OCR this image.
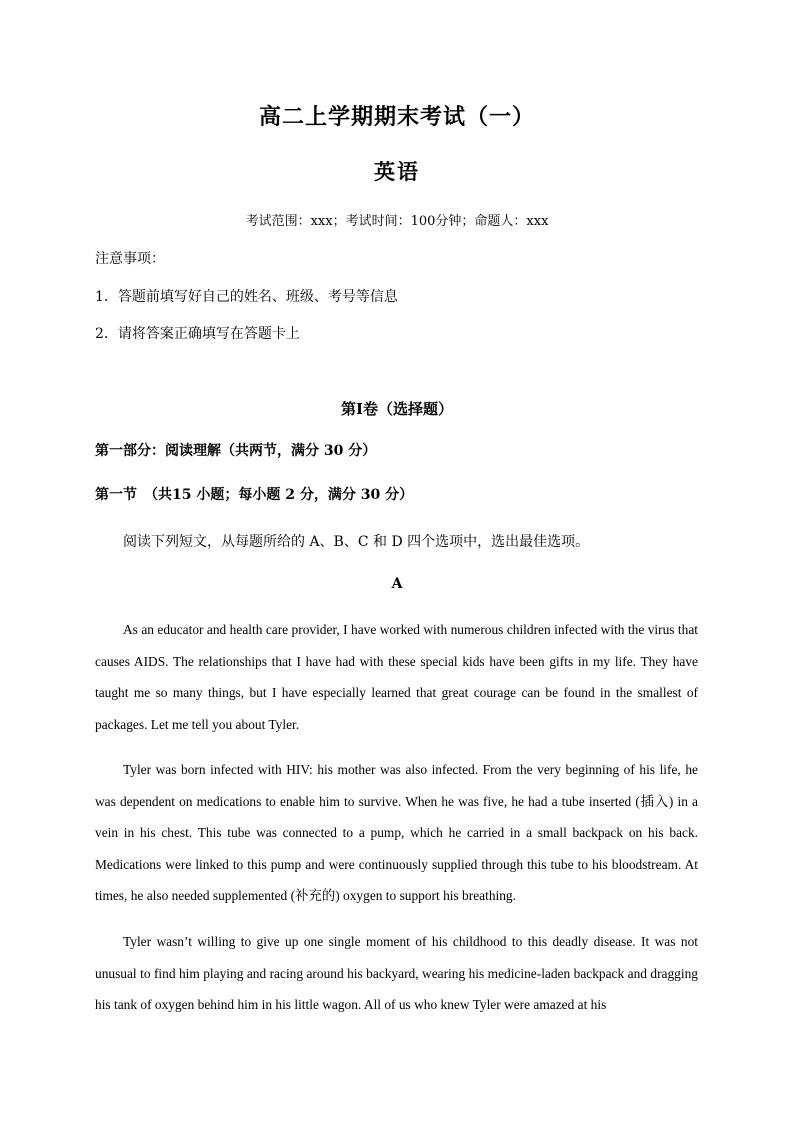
高二上学期期末考试（一）
英语
考试范围：xxx；考试时间：100分钟；命题人：xxx
注意事项：
1．答题前填写好自己的姓名、班级、考号等信息
2．请将答案正确填写在答题卡上
第I卷（选择题）
第一部分：阅读理解（共两节，满分 30 分）
第一节　（共15 小题；每小题 2 分，满分 30 分）
阅读下列短文，从每题所给的 A、B、C 和 D 四个选项中，选出最佳选项。
A

As an educator and health care provider, I have worked with numerous children infected with the virus that causes AIDS. The relationships that I have had with these special kids have been gifts in my life. They have taught me so many things, but I have especially learned that great courage can be found in the smallest of packages. Let me tell you about Tyler.

Tyler was born infected with HIV: his mother was also infected. From the very beginning of his life, he was dependent on medications to enable him to survive. When he was five, he had a tube inserted (插入) in a vein in his chest. This tube was connected to a pump, which he carried in a small backpack on his back. Medications were linked to this pump and were continuously supplied through this tube to his bloodstream. At times, he also needed supplemented (补充的) oxygen to support his breathing.

Tyler wasn’t willing to give up one single moment of his childhood to this deadly disease. It was not unusual to find him playing and racing around his backyard, wearing his medicine-laden backpack and dragging his tank of oxygen behind him in his little wagon. All of us who knew Tyler were amazed at his
